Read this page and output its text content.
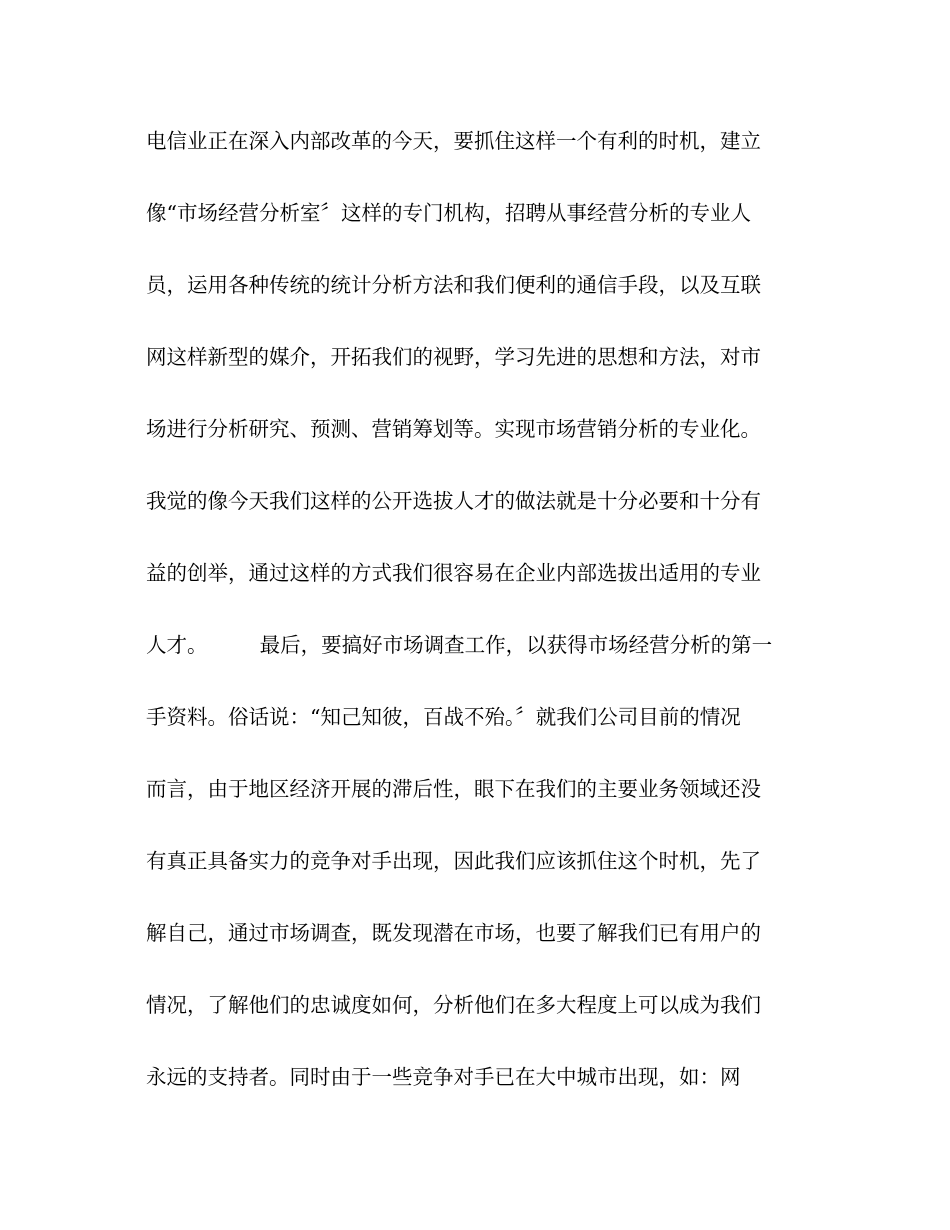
电信业正在深入内部改革的今天，要抓住这样一个有利的时机，建立
像“市场经营分析室〞这样的专门机构，招聘从事经营分析的专业人
员，运用各种传统的统计分析方法和我们便利的通信手段，以及互联
网这样新型的媒介，开拓我们的视野，学习先进的思想和方法，对市
场进行分析研究、预测、营销筹划等。实现市场营销分析的专业化。
我觉的像今天我们这样的公开选拔人才的做法就是十分必要和十分有
益的创举，通过这样的方式我们很容易在企业内部选拔出适用的专业
人才。        最后，要搞好市场调查工作，以获得市场经营分析的第一
手资料。俗话说：“知己知彼，百战不殆。〞就我们公司目前的情况
而言，由于地区经济开展的滞后性，眼下在我们的主要业务领域还没
有真正具备实力的竞争对手出现，因此我们应该抓住这个时机，先了
解自己，通过市场调查，既发现潜在市场，也要了解我们已有用户的
情况，了解他们的忠诚度如何，分析他们在多大程度上可以成为我们
永远的支持者。同时由于一些竞争对手已在大中城市出现，如：网
